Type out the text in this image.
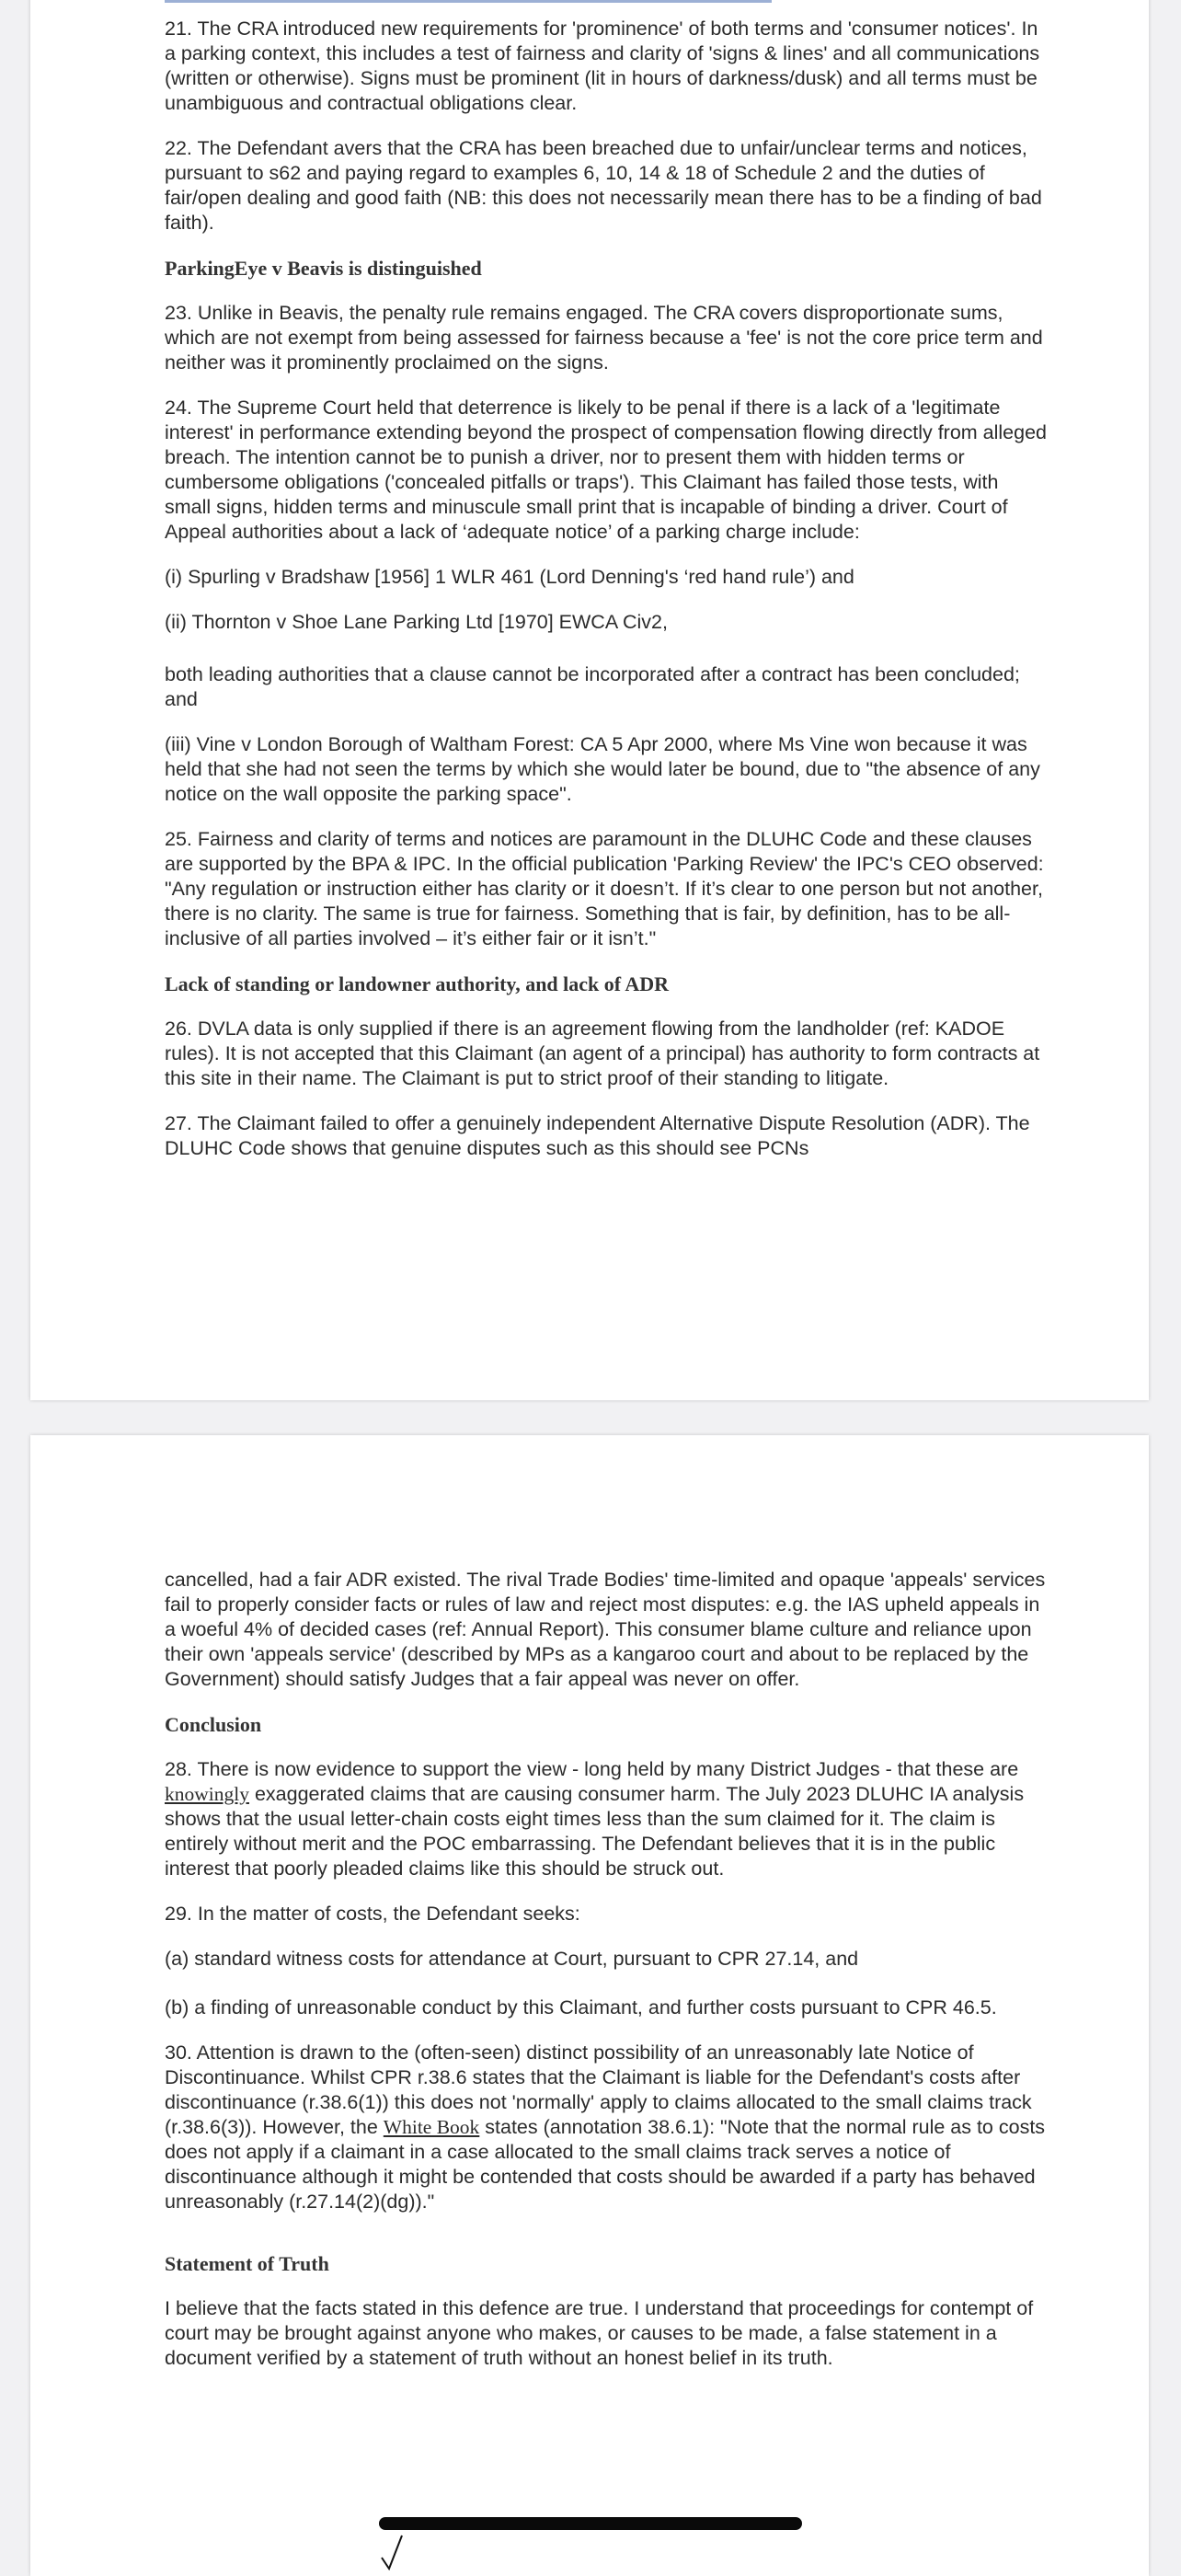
21. The CRA introduced new requirements for 'prominence' of both terms and 'consumer notices'. In a parking context, this includes a test of fairness and clarity of 'signs & lines' and all communications (written or otherwise). Signs must be prominent (lit in hours of darkness/dusk) and all terms must be unambiguous and contractual obligations clear.

22. The Defendant avers that the CRA has been breached due to unfair/unclear terms and notices, pursuant to s62 and paying regard to examples 6, 10, 14 & 18 of Schedule 2 and the duties of fair/open dealing and good faith (NB: this does not necessarily mean there has to be a finding of bad faith).

ParkingEye v Beavis is distinguished

23. Unlike in Beavis, the penalty rule remains engaged. The CRA covers disproportionate sums, which are not exempt from being assessed for fairness because a 'fee' is not the core price term and neither was it prominently proclaimed on the signs.

24. The Supreme Court held that deterrence is likely to be penal if there is a lack of a 'legitimate interest' in performance extending beyond the prospect of compensation flowing directly from alleged breach. The intention cannot be to punish a driver, nor to present them with hidden terms or cumbersome obligations ('concealed pitfalls or traps'). This Claimant has failed those tests, with small signs, hidden terms and minuscule small print that is incapable of binding a driver. Court of Appeal authorities about a lack of ‘adequate notice’ of a parking charge include:

(i) Spurling v Bradshaw [1956] 1 WLR 461 (Lord Denning's ‘red hand rule’) and

(ii) Thornton v Shoe Lane Parking Ltd [1970] EWCA Civ2,

both leading authorities that a clause cannot be incorporated after a contract has been concluded; and

(iii) Vine v London Borough of Waltham Forest: CA 5 Apr 2000, where Ms Vine won because it was held that she had not seen the terms by which she would later be bound, due to "the absence of any notice on the wall opposite the parking space".

25. Fairness and clarity of terms and notices are paramount in the DLUHC Code and these clauses are supported by the BPA & IPC. In the official publication 'Parking Review' the IPC's CEO observed: "Any regulation or instruction either has clarity or it doesn’t. If it’s clear to one person but not another, there is no clarity. The same is true for fairness. Something that is fair, by definition, has to be all-inclusive of all parties involved – it’s either fair or it isn’t."

Lack of standing or landowner authority, and lack of ADR

26. DVLA data is only supplied if there is an agreement flowing from the landholder (ref: KADOE rules). It is not accepted that this Claimant (an agent of a principal) has authority to form contracts at this site in their name. The Claimant is put to strict proof of their standing to litigate.

27. The Claimant failed to offer a genuinely independent Alternative Dispute Resolution (ADR). The DLUHC Code shows that genuine disputes such as this should see PCNs

cancelled, had a fair ADR existed. The rival Trade Bodies' time-limited and opaque 'appeals' services fail to properly consider facts or rules of law and reject most disputes: e.g. the IAS upheld appeals in a woeful 4% of decided cases (ref: Annual Report). This consumer blame culture and reliance upon their own 'appeals service' (described by MPs as a kangaroo court and about to be replaced by the Government) should satisfy Judges that a fair appeal was never on offer.

Conclusion

28. There is now evidence to support the view - long held by many District Judges - that these are knowingly exaggerated claims that are causing consumer harm. The July 2023 DLUHC IA analysis shows that the usual letter-chain costs eight times less than the sum claimed for it. The claim is entirely without merit and the POC embarrassing. The Defendant believes that it is in the public interest that poorly pleaded claims like this should be struck out.

29. In the matter of costs, the Defendant seeks:

(a) standard witness costs for attendance at Court, pursuant to CPR 27.14, and

(b) a finding of unreasonable conduct by this Claimant, and further costs pursuant to CPR 46.5.

30. Attention is drawn to the (often-seen) distinct possibility of an unreasonably late Notice of Discontinuance. Whilst CPR r.38.6 states that the Claimant is liable for the Defendant's costs after discontinuance (r.38.6(1)) this does not 'normally' apply to claims allocated to the small claims track (r.38.6(3)). However, the White Book states (annotation 38.6.1): "Note that the normal rule as to costs does not apply if a claimant in a case allocated to the small claims track serves a notice of discontinuance although it might be contended that costs should be awarded if a party has behaved unreasonably (r.27.14(2)(dg))."

Statement of Truth

I believe that the facts stated in this defence are true. I understand that proceedings for contempt of court may be brought against anyone who makes, or causes to be made, a false statement in a document verified by a statement of truth without an honest belief in its truth.
